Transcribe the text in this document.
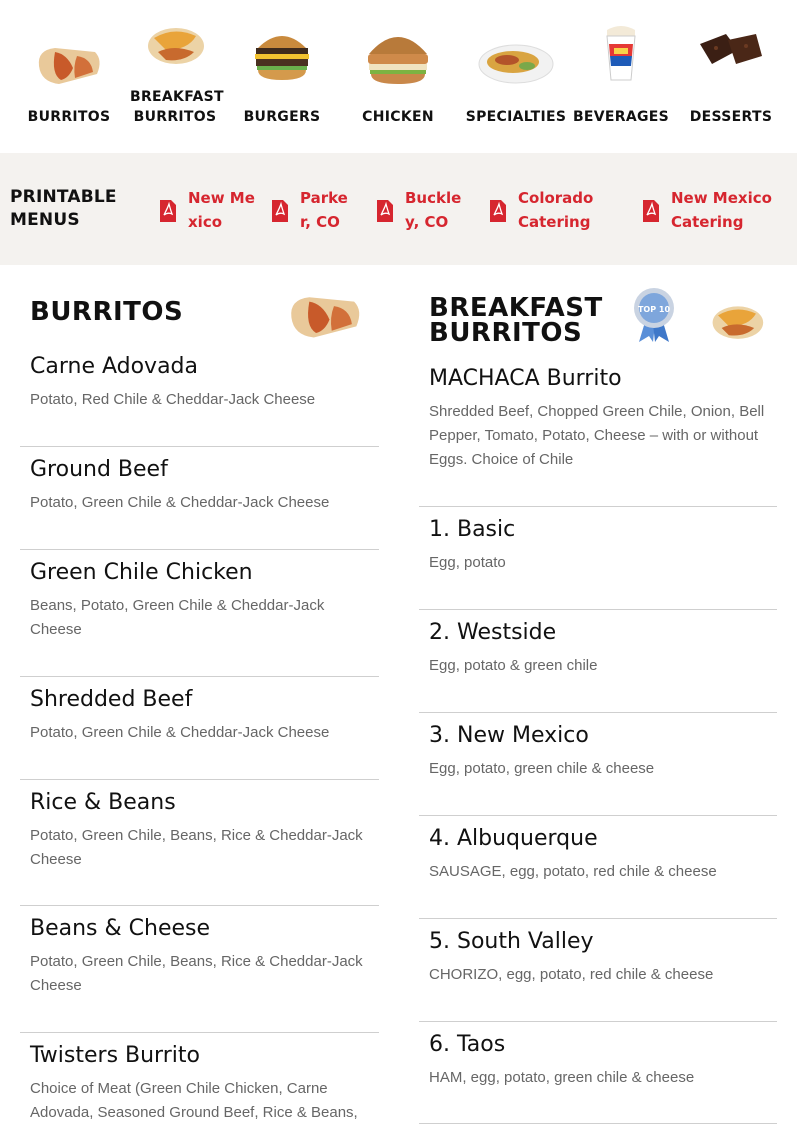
BURRITOS
BREAKFAST BURRITOS BURGERS	CHICKEN	SPECIALTIES BEVERAGES DESSERTS
PRINTABLE MENUS
New Mexico
Parker, CO
Buckley, CO
Colorado Catering
New Mexico Catering
BURRITOS
Carne Adovada
Potato, Red Chile & Cheddar-Jack Cheese
Ground Beef
Potato, Green Chile & Cheddar-Jack Cheese
Green Chile Chicken
Beans, Potato, Green Chile & Cheddar-Jack Cheese
Shredded Beef
Potato, Green Chile & Cheddar-Jack Cheese
Rice & Beans
Potato, Green Chile, Beans, Rice & Cheddar-Jack Cheese
Beans & Cheese
Potato, Green Chile, Beans, Rice & Cheddar-Jack Cheese
Twisters Burrito
Choice of Meat (Green Chile Chicken, Carne Adovada, Seasoned Ground Beef, Rice & Beans,
BREAKFAST BURRITOS
TOP 10
MACHACA Burrito
Shredded Beef, Chopped Green Chile, Onion, Bell Pepper, Tomato, Potato, Cheese – with or without Eggs. Choice of Chile
1. Basic
Egg, potato
2. Westside
Egg, potato & green chile
3. New Mexico
Egg, potato, green chile & cheese
4. Albuquerque
SAUSAGE, egg, potato, red chile & cheese
5. South Valley
CHORIZO, egg, potato, red chile & cheese
6. Taos
HAM, egg, potato, green chile & cheese
